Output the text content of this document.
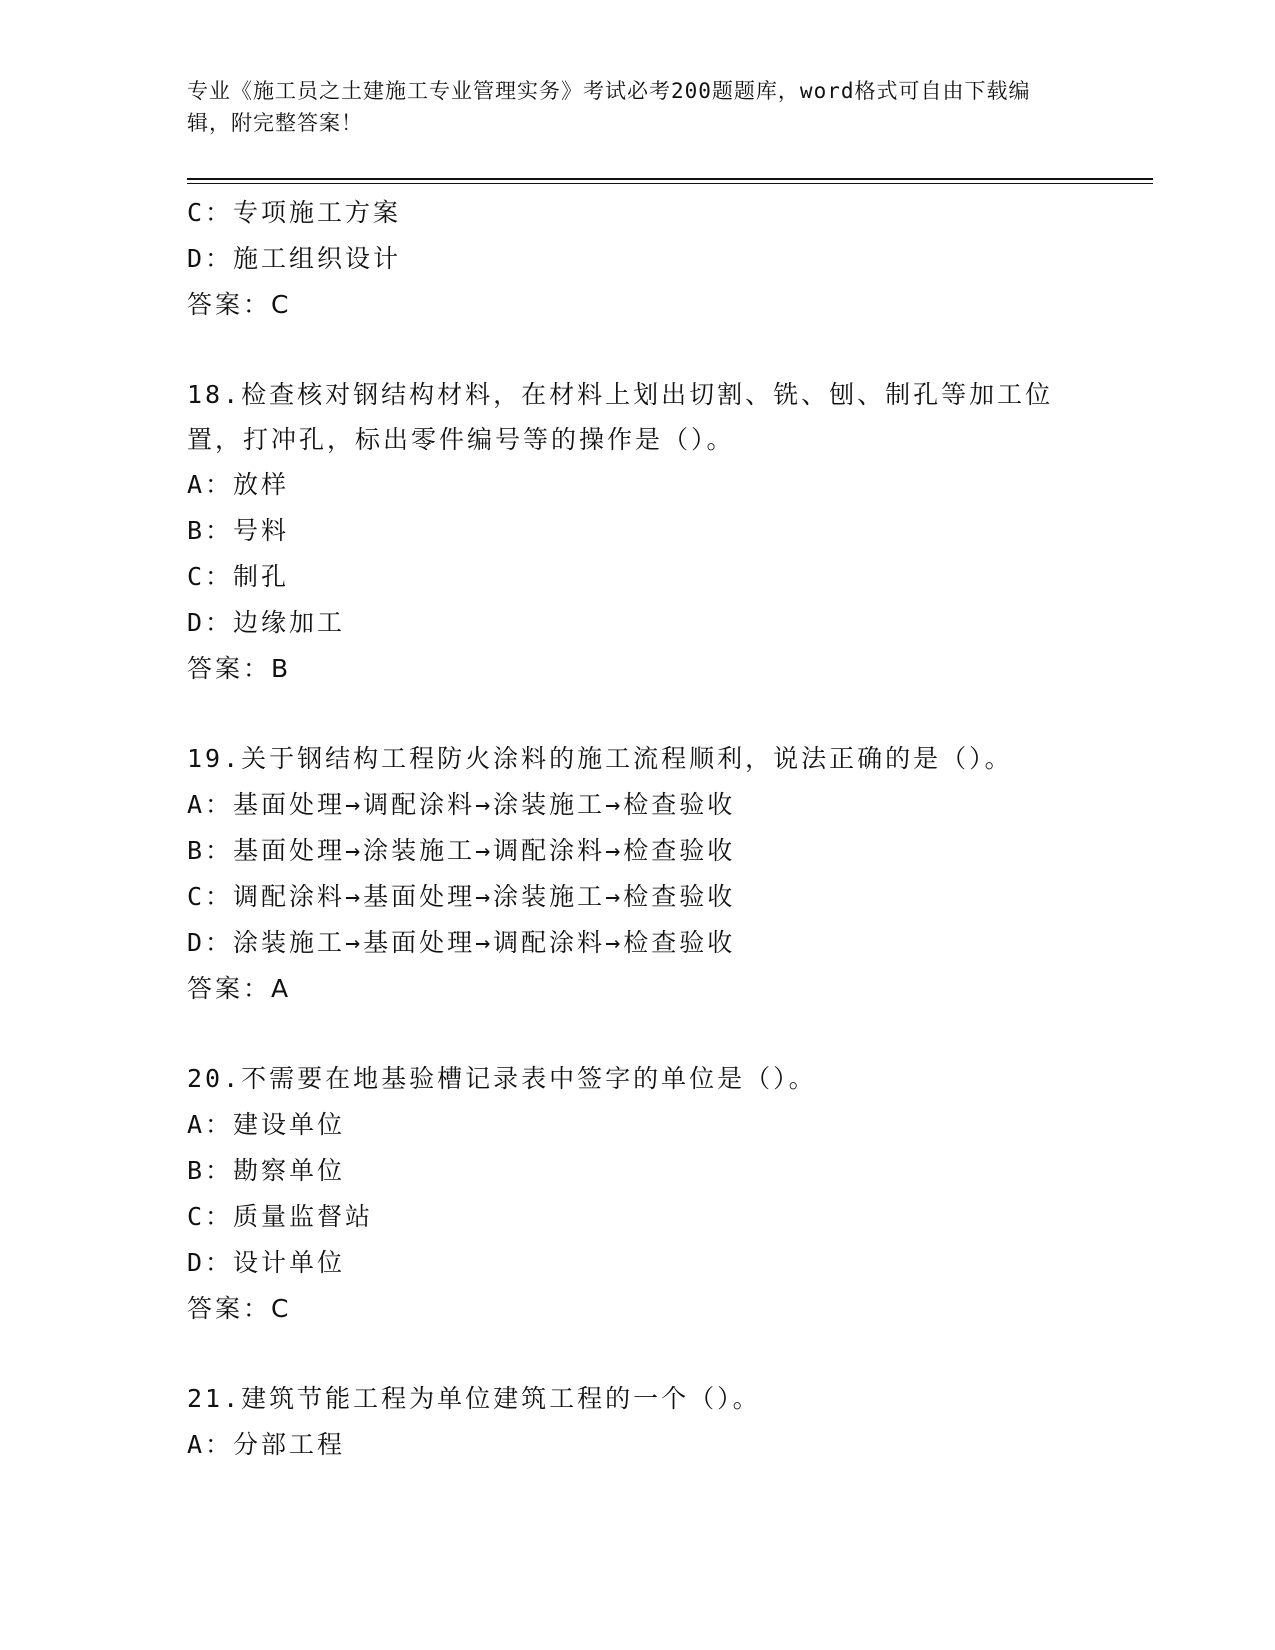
专业《施工员之土建施工专业管理实务》考试必考200题题库，word格式可自由下载编辑，附完整答案！
C：专项施工方案
D：施工组织设计
答案：C
18.检查核对钢结构材料，在材料上划出切割、铣、刨、制孔等加工位置，打冲孔，标出零件编号等的操作是（）。
A：放样
B：号料
C：制孔
D：边缘加工
答案：B
19.关于钢结构工程防火涂料的施工流程顺利，说法正确的是（）。
A：基面处理→调配涂料→涂装施工→检查验收
B：基面处理→涂装施工→调配涂料→检查验收
C：调配涂料→基面处理→涂装施工→检查验收
D：涂装施工→基面处理→调配涂料→检查验收
答案：A
20.不需要在地基验槽记录表中签字的单位是（）。
A：建设单位
B：勘察单位
C：质量监督站
D：设计单位
答案：C
21.建筑节能工程为单位建筑工程的一个（）。
A：分部工程
